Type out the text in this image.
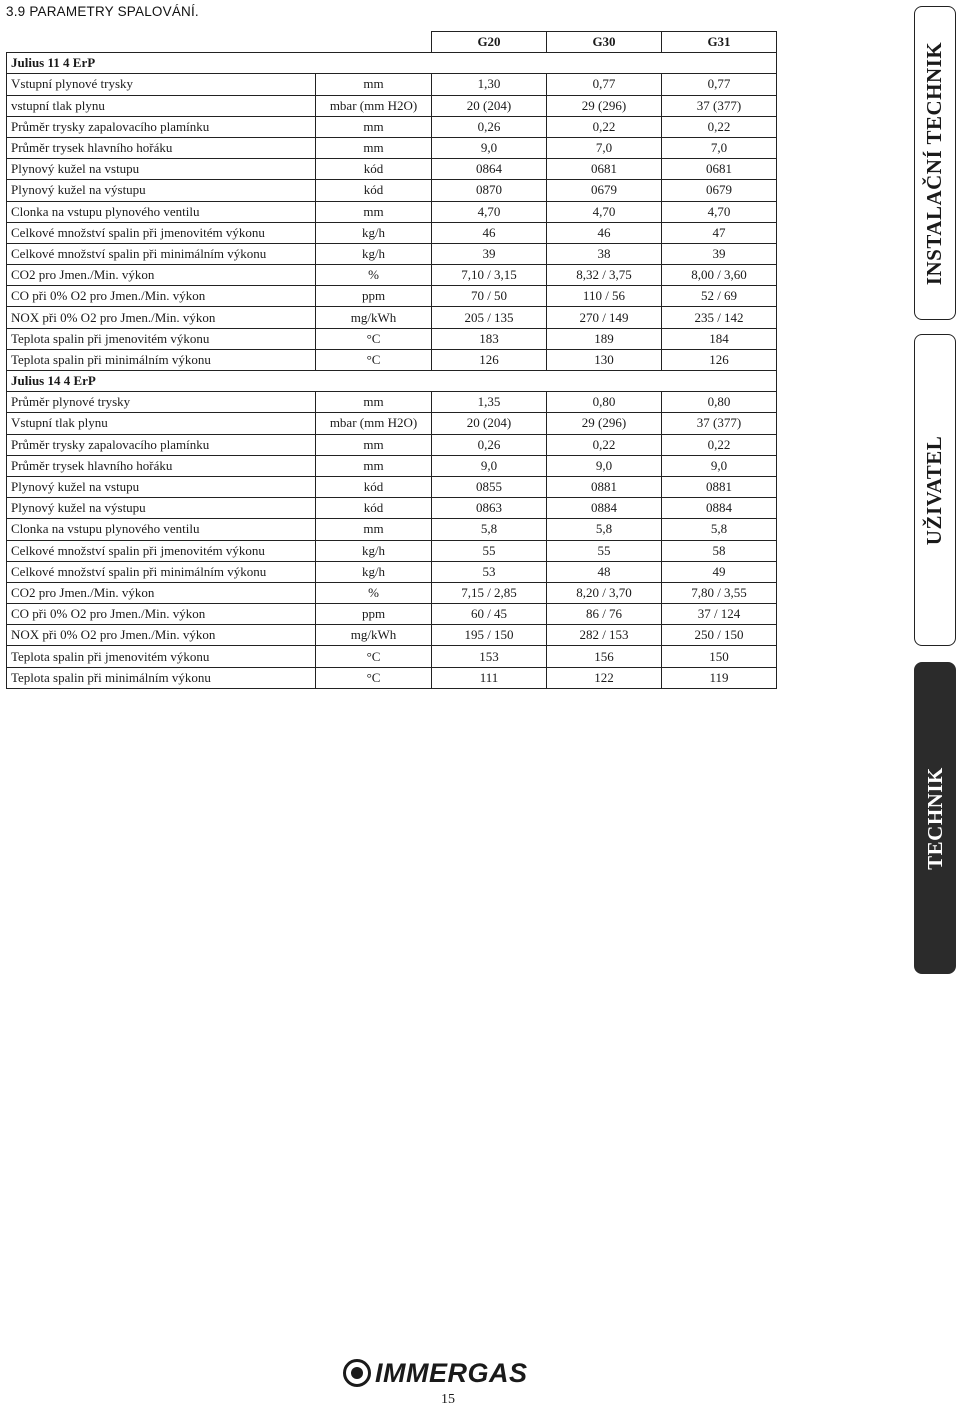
3.9 PARAMETRY SPALOVÁNÍ.
		G20	G30	G31
Julius 11 4 ErP				
Vstupní plynové trysky	mm	1,30	0,77	0,77
vstupní tlak plynu	mbar (mm H2O)	20 (204)	29 (296)	37 (377)
Průměr trysky zapalovacího plamínku	mm	0,26	0,22	0,22
Průměr trysek hlavního hořáku	mm	9,0	7,0	7,0
Plynový kužel na vstupu	kód	0864	0681	0681
Plynový kužel na výstupu	kód	0870	0679	0679
Clonka na vstupu plynového ventilu	mm	4,70	4,70	4,70
Celkové množství spalin při jmenovitém výkonu	kg/h	46	46	47
Celkové množství spalin při minimálním výkonu	kg/h	39	38	39
CO2 pro Jmen./Min. výkon	%	7,10 / 3,15	8,32 / 3,75	8,00 / 3,60
CO při 0% O2 pro Jmen./Min. výkon	ppm	70 / 50	110 / 56	52 / 69
NOX při 0% O2 pro Jmen./Min. výkon	mg/kWh	205 / 135	270 / 149	235 / 142
Teplota spalin při jmenovitém výkonu	°C	183	189	184
Teplota spalin při minimálním výkonu	°C	126	130	126
Julius 14 4 ErP				
Průměr plynové trysky	mm	1,35	0,80	0,80
Vstupní tlak plynu	mbar (mm H2O)	20 (204)	29 (296)	37 (377)
Průměr trysky zapalovacího plamínku	mm	0,26	0,22	0,22
Průměr trysek hlavního hořáku	mm	9,0	9,0	9,0
Plynový kužel na vstupu	kód	0855	0881	0881
Plynový kužel na výstupu	kód	0863	0884	0884
Clonka na vstupu plynového ventilu	mm	5,8	5,8	5,8
Celkové množství spalin při jmenovitém výkonu	kg/h	55	55	58
Celkové množství spalin při minimálním výkonu	kg/h	53	48	49
CO2 pro Jmen./Min. výkon	%	7,15 / 2,85	8,20 / 3,70	7,80 / 3,55
CO při 0% O2 pro Jmen./Min. výkon	ppm	60 / 45	86 / 76	37 / 124
NOX při 0% O2 pro Jmen./Min. výkon	mg/kWh	195 / 150	282 / 153	250 / 150
Teplota spalin při jmenovitém výkonu	°C	153	156	150
Teplota spalin při minimálním výkonu	°C	111	122	119
INSTALAČNÍ TECHNIK
UŽIVATEL
TECHNIK
IMMERGAS
15
